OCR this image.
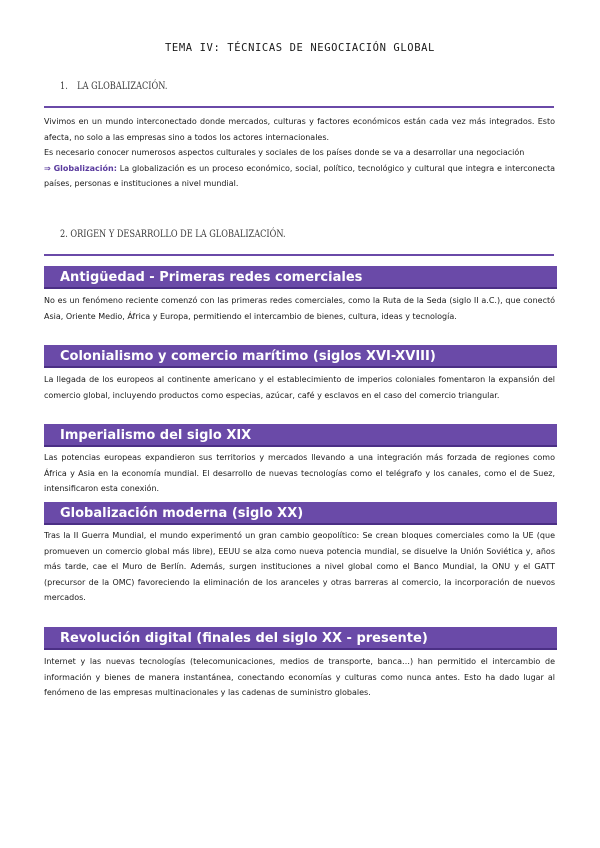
TEMA IV: TÉCNICAS DE NEGOCIACIÓN GLOBAL
1. LA GLOBALIZACIÓN.

Vivimos en un mundo interconectado donde mercados, culturas y factores económicos están cada vez más integrados. Esto afecta, no solo a las empresas sino a todos los actores internacionales.

Es necesario conocer numerosos aspectos culturales y sociales de los países donde se va a desarrollar una negociación

⇒ Globalización: La globalización es un proceso económico, social, político, tecnológico y cultural que integra e interconecta países, personas e instituciones a nivel mundial.

2. ORIGEN Y DESARROLLO DE LA GLOBALIZACIÓN.
Antigüedad - Primeras redes comerciales
No es un fenómeno reciente comenzó con las primeras redes comerciales, como la Ruta de la Seda (siglo II a.C.), que conectó Asia, Oriente Medio, África y Europa, permitiendo el intercambio de bienes, cultura, ideas y tecnología.
Colonialismo y comercio marítimo (siglos XVI-XVIII)
La llegada de los europeos al continente americano y el establecimiento de imperios coloniales fomentaron la expansión del comercio global, incluyendo productos como especias, azúcar, café y esclavos en el caso del comercio triangular.
Imperialismo del siglo XIX
Las potencias europeas expandieron sus territorios y mercados llevando a una integración más forzada de regiones como África y Asia en la economía mundial. El desarrollo de nuevas tecnologías como el telégrafo y los canales, como el de Suez, intensificaron esta conexión.
Globalización moderna (siglo XX)
Tras la II Guerra Mundial, el mundo experimentó un gran cambio geopolítico: Se crean bloques comerciales como la UE (que promueven un comercio global más libre), EEUU se alza como nueva potencia mundial, se disuelve la Unión Soviética y, años más tarde, cae el Muro de Berlín. Además, surgen instituciones a nivel global como el Banco Mundial, la ONU y el GATT (precursor de la OMC) favoreciendo la eliminación de los aranceles y otras barreras al comercio, la incorporación de nuevos mercados.
Revolución digital (finales del siglo XX - presente)
Internet y las nuevas tecnologías (telecomunicaciones, medios de transporte, banca…) han permitido el intercambio de información y bienes de manera instantánea, conectando economías y culturas como nunca antes. Esto ha dado lugar al fenómeno de las empresas multinacionales y las cadenas de suministro globales.
